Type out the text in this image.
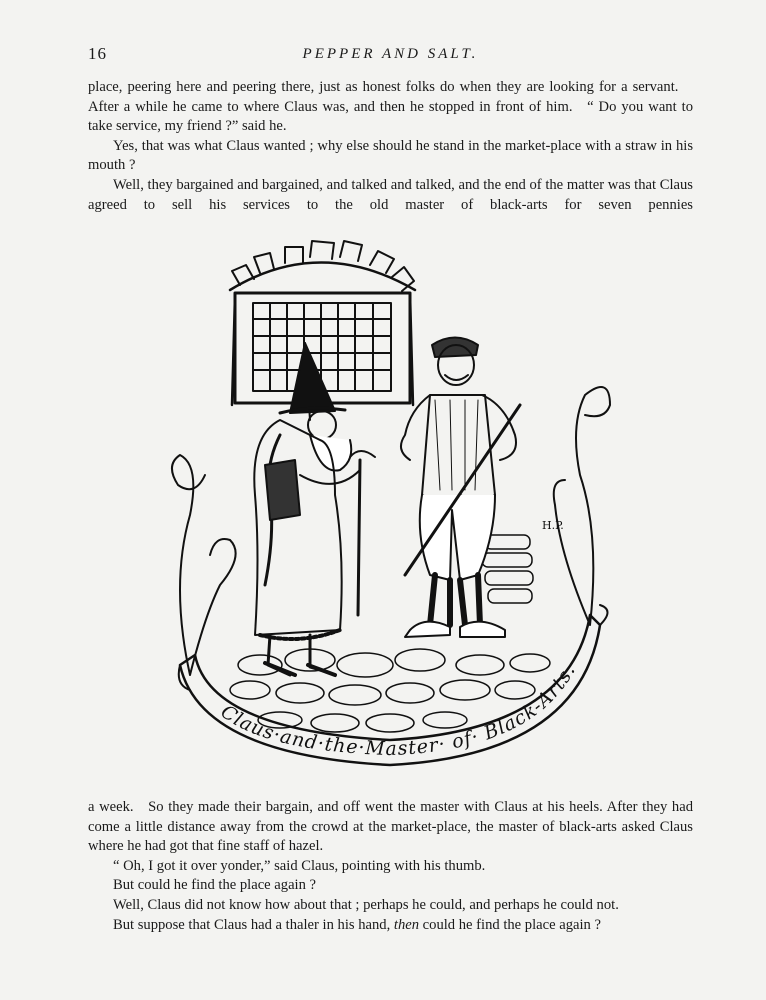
16	PEPPER AND SALT.

place, peering here and peering there, just as honest folks do when they are looking for a servant. After a while he came to where Claus was, and then he stopped in front of him. “ Do you want to take service, my friend ?” said he.

Yes, that was what Claus wanted ; why else should he stand in the market-place with a straw in his mouth ?

Well, they bargained and bargained, and talked and talked, and the end of the matter was that Claus agreed to sell his services to the old master of black-arts for seven pennies

Claus·and·the·Master· of· Black-Arts.
H.P.

a week. So they made their bargain, and off went the master with Claus at his heels. After they had come a little distance away from the crowd at the market-place, the master of black-arts asked Claus where he had got that fine staff of hazel.

“ Oh, I got it over yonder,” said Claus, pointing with his thumb.

But could he find the place again ?

Well, Claus did not know how about that ; perhaps he could, and perhaps he could not.

But suppose that Claus had a thaler in his hand, then could he find the place again ?
